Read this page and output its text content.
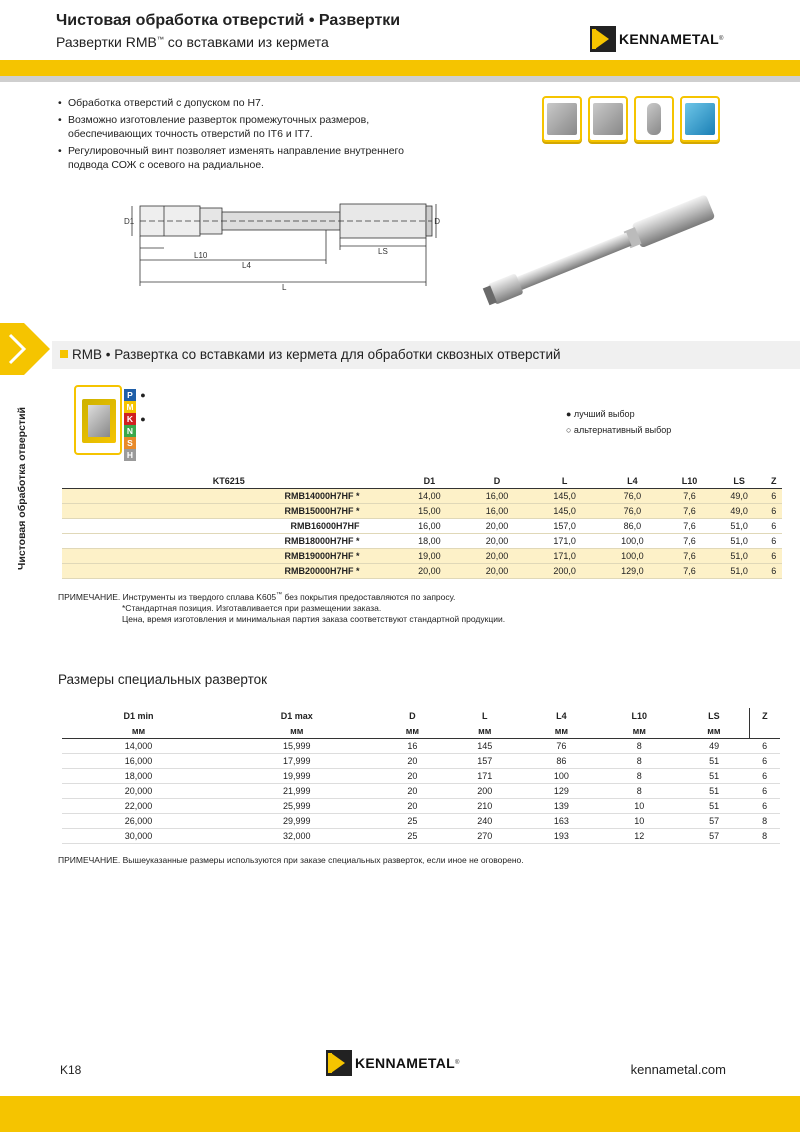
Чистовая обработка отверстий • Развертки
Развертки RMB™ со вставками из кермета	KENNAMETAL ®
• Обработка отверстий с допуском по H7.
• Возможно изготовление разверток промежуточных размеров, обеспечивающих точность отверстий по IT6 и IT7.
• Регулировочный винт позволяет изменять направление внутреннего подвода СОЖ с осевого на радиальное.
D1	D
L10
L4
LS
L
Чистовая обработка отверстий
RMB • Развертка со вставками из кермета для обработки сквозных отверстий
P ●
M
K ●
N
S
H
● лучший выбор
○ альтернативный выбор
KT6215	D1	D	L	L4	L10	LS	Z
RMB14000H7HF *	14,00	16,00	145,0	76,0	7,6	49,0	6
RMB15000H7HF *	15,00	16,00	145,0	76,0	7,6	49,0	6
RMB16000H7HF	16,00	20,00	157,0	86,0	7,6	51,0	6
RMB18000H7HF *	18,00	20,00	171,0	100,0	7,6	51,0	6
RMB19000H7HF *	19,00	20,00	171,0	100,0	7,6	51,0	6
RMB20000H7HF *	20,00	20,00	200,0	129,0	7,6	51,0	6
ПРИМЕЧАНИЕ. Инструменты из твердого сплава K605™ без покрытия предоставляются по запросу.
*Стандартная позиция. Изготавливается при размещении заказа.
Цена, время изготовления и минимальная партия заказа соответствуют стандартной продукции.
Размеры специальных разверток
D1 min	D1 max	D	L	L4	L10	LS	Z
мм	мм	мм	мм	мм	мм	мм	
14,000	15,999	16	145	76	8	49	6
16,000	17,999	20	157	86	8	51	6
18,000	19,999	20	171	100	8	51	6
20,000	21,999	20	200	129	8	51	6
22,000	25,999	20	210	139	10	51	6
26,000	29,999	25	240	163	10	57	8
30,000	32,000	25	270	193	12	57	8
ПРИМЕЧАНИЕ. Вышеуказанные размеры используются при заказе специальных разверток, если иное не оговорено.
K18	KENNAMETAL ®	kennametal.com
